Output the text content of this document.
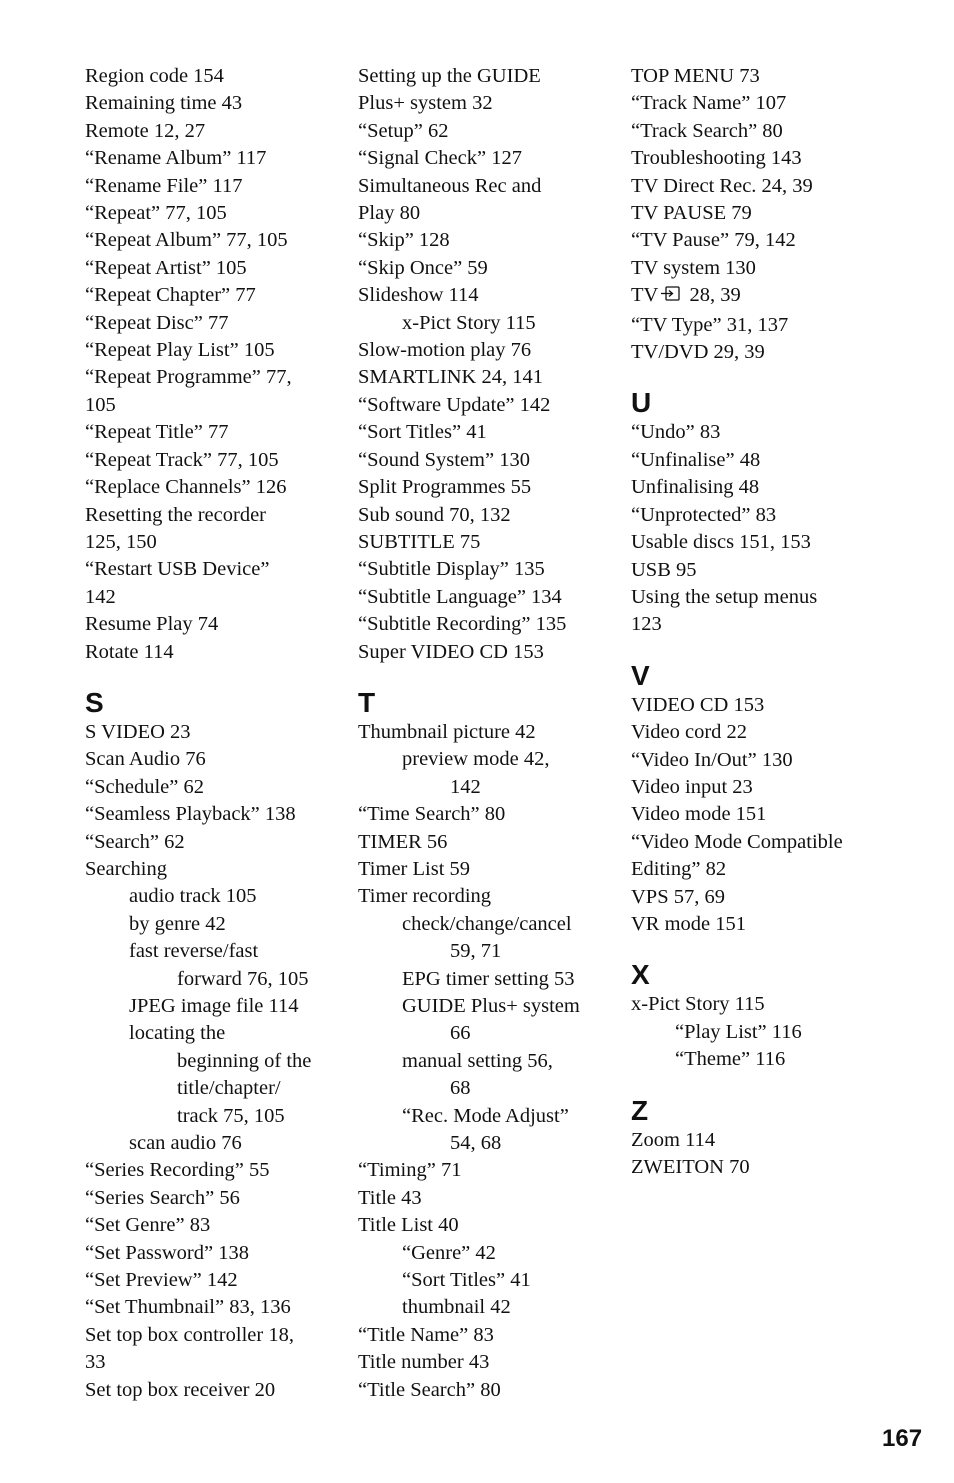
Region code 154
Remaining time 43
Remote 12, 27
“Rename Album” 117
“Rename File” 117
“Repeat” 77, 105
“Repeat Album” 77, 105
“Repeat Artist” 105
“Repeat Chapter” 77
“Repeat Disc” 77
“Repeat Play List” 105
“Repeat Programme” 77,
105
“Repeat Title” 77
“Repeat Track” 77, 105
“Replace Channels” 126
Resetting the recorder
125, 150
“Restart USB Device”
142
Resume Play 74
Rotate 114
S
S VIDEO 23
Scan Audio 76
“Schedule” 62
“Seamless Playback” 138
“Search” 62
Searching
audio track 105
by genre 42
fast reverse/fast
forward 76, 105
JPEG image file 114
locating the
beginning of the
title/chapter/
track 75, 105
scan audio 76
“Series Recording” 55
“Series Search” 56
“Set Genre” 83
“Set Password” 138
“Set Preview” 142
“Set Thumbnail” 83, 136
Set top box controller 18,
33
Set top box receiver 20
Setting up the GUIDE
Plus+ system 32
“Setup” 62
“Signal Check” 127
Simultaneous Rec and
Play 80
“Skip” 128
“Skip Once” 59
Slideshow 114
x-Pict Story 115
Slow-motion play 76
SMARTLINK 24, 141
“Software Update” 142
“Sort Titles” 41
“Sound System” 130
Split Programmes 55
Sub sound 70, 132
SUBTITLE 75
“Subtitle Display” 135
“Subtitle Language” 134
“Subtitle Recording” 135
Super VIDEO CD 153
T
Thumbnail picture 42
preview mode 42,
142
“Time Search” 80
TIMER 56
Timer List 59
Timer recording
check/change/cancel
59, 71
EPG timer setting 53
GUIDE Plus+ system
66
manual setting 56,
68
“Rec. Mode Adjust”
54, 68
“Timing” 71
Title 43
Title List 40
“Genre” 42
“Sort Titles” 41
thumbnail 42
“Title Name” 83
Title number 43
“Title Search” 80
TOP MENU 73
“Track Name” 107
“Track Search” 80
Troubleshooting 143
TV Direct Rec. 24, 39
TV PAUSE 79
“TV Pause” 79, 142
TV system 130
TV 28, 39
“TV Type” 31, 137
TV/DVD 29, 39
U
“Undo” 83
“Unfinalise” 48
Unfinalising 48
“Unprotected” 83
Usable discs 151, 153
USB 95
Using the setup menus
123
V
VIDEO CD 153
Video cord 22
“Video In/Out” 130
Video input 23
Video mode 151
“Video Mode Compatible
Editing” 82
VPS 57, 69
VR mode 151
X
x-Pict Story 115
“Play List” 116
“Theme” 116
Z
Zoom 114
ZWEITON 70
167
